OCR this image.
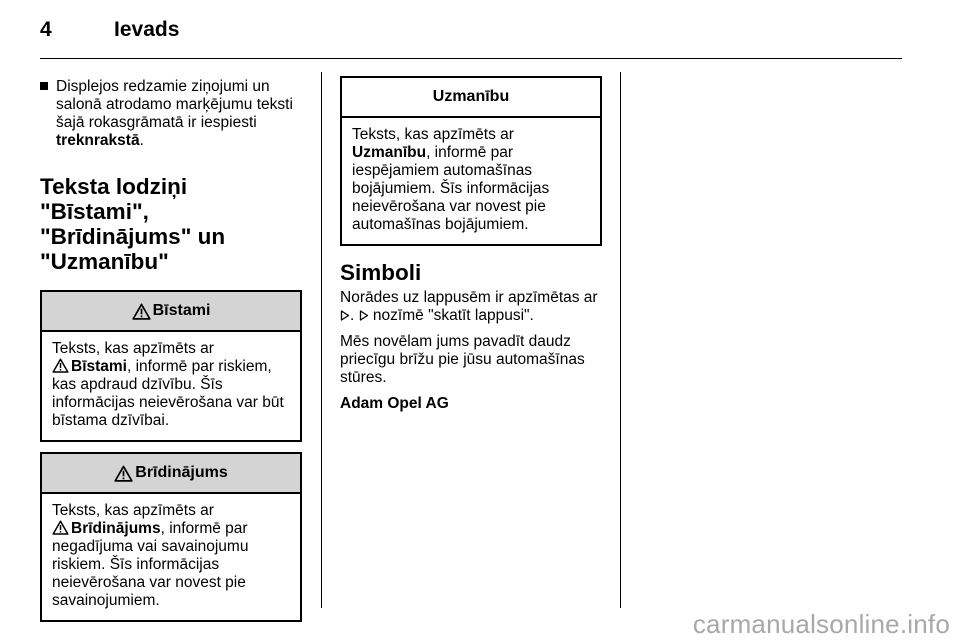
4	Ievads
Displejos redzamie ziņojumi un salonā atrodamo marķējumu teksti šajā rokasgrāmatā ir iespiesti treknrakstā.
Teksta lodziņi "Bīstami", "Brīdinājums" un "Uzmanību"
Bīstami
Teksts, kas apzīmēts ar
Bīstami, informē par riskiem, kas apdraud dzīvību. Šīs informācijas neievērošana var būt bīstama dzīvībai.
Brīdinājums
Teksts, kas apzīmēts ar
Brīdinājums, informē par negadījuma vai savainojumu riskiem. Šīs informācijas neievērošana var novest pie savainojumiem.
Uzmanību
Teksts, kas apzīmēts ar
Uzmanību, informē par iespējamiem automašīnas bojājumiem. Šīs informācijas neievērošana var novest pie automašīnas bojājumiem.
Simboli
Norādes uz lappusēm ir apzīmētas ar .  nozīmē "skatīt lappusi".
Mēs novēlam jums pavadīt daudz priecīgu brīžu pie jūsu automašīnas stūres.
Adam Opel AG
carmanualsonline.info
